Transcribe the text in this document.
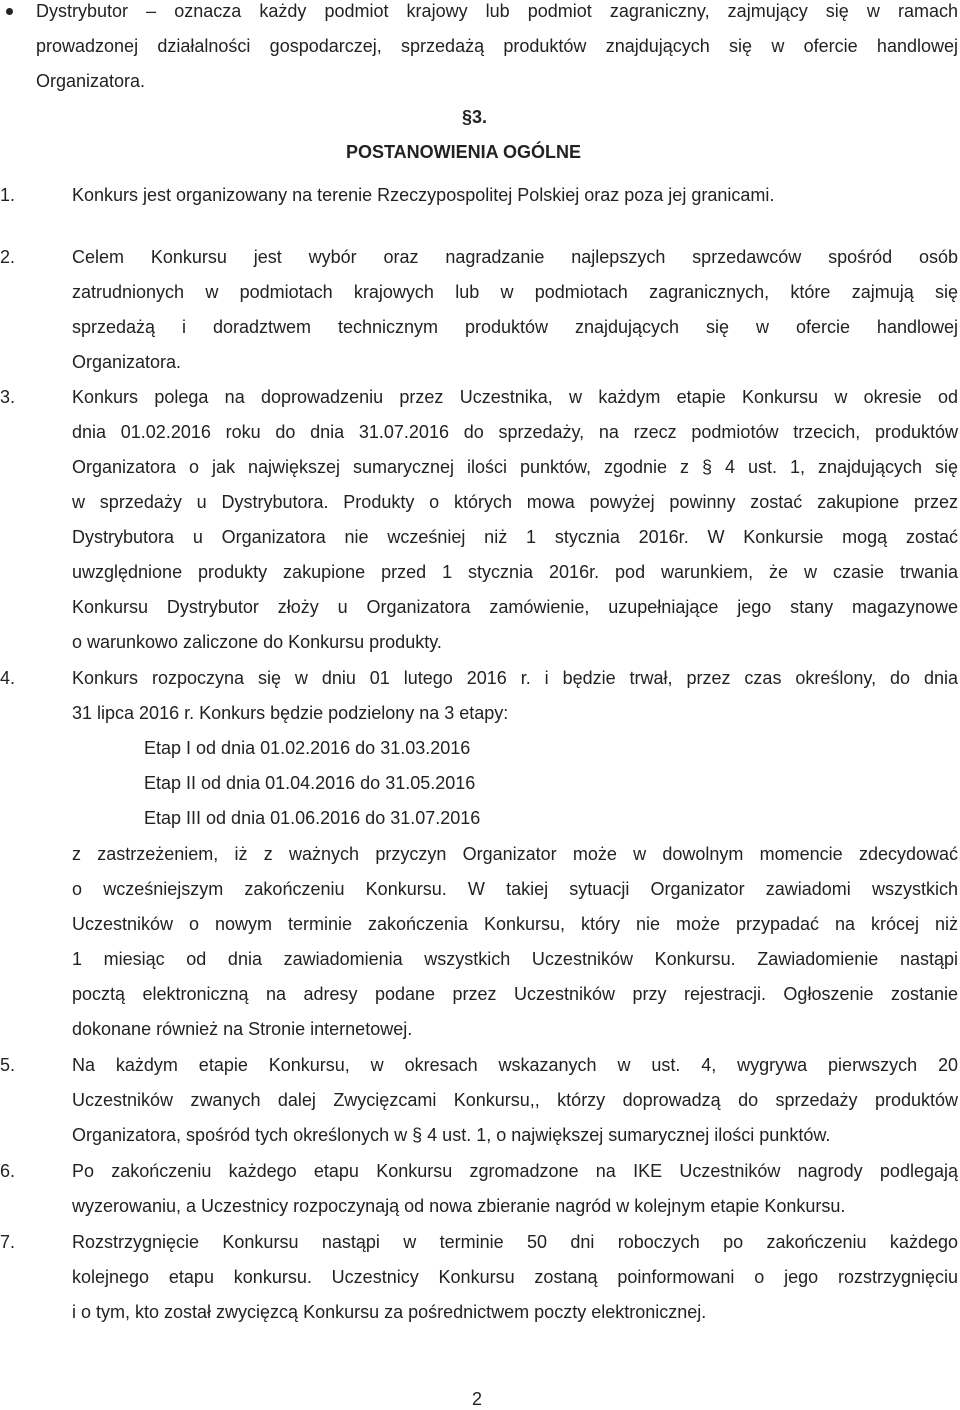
Dystrybutor – oznacza każdy podmiot krajowy lub podmiot zagraniczny, zajmujący się w ramach
prowadzonej działalności gospodarczej, sprzedażą produktów znajdujących się w ofercie handlowej
Organizatora.
§3.
POSTANOWIENIA OGÓLNE
1.	Konkurs jest organizowany na terenie Rzeczypospolitej Polskiej oraz poza jej granicami.
2.	Celem Konkursu jest wybór oraz nagradzanie najlepszych sprzedawców spośród osób
zatrudnionych w podmiotach krajowych lub w podmiotach zagranicznych, które zajmują się
sprzedażą i doradztwem technicznym produktów znajdujących się w ofercie handlowej
Organizatora.
3.	Konkurs polega na doprowadzeniu przez Uczestnika, w każdym etapie Konkursu w okresie od
dnia 01.02.2016 roku do dnia 31.07.2016 do sprzedaży, na rzecz podmiotów trzecich, produktów
Organizatora o jak największej sumarycznej ilości punktów, zgodnie z § 4 ust. 1, znajdujących się
w sprzedaży u Dystrybutora. Produkty o których mowa powyżej powinny zostać zakupione przez
Dystrybutora u Organizatora nie wcześniej niż 1 stycznia 2016r. W Konkursie mogą zostać
uwzględnione produkty zakupione przed 1 stycznia 2016r. pod warunkiem, że w czasie trwania
Konkursu Dystrybutor złoży u Organizatora zamówienie, uzupełniające jego stany magazynowe
o warunkowo zaliczone do Konkursu produkty.
4.	Konkurs rozpoczyna się w dniu 01 lutego 2016 r. i będzie trwał, przez czas określony, do dnia
31 lipca 2016 r. Konkurs będzie podzielony na 3 etapy:
Etap I od dnia 01.02.2016 do 31.03.2016
Etap II od dnia 01.04.2016 do 31.05.2016
Etap III od dnia 01.06.2016 do 31.07.2016
z zastrzeżeniem, iż z ważnych przyczyn Organizator może w dowolnym momencie zdecydować
o wcześniejszym zakończeniu Konkursu. W takiej sytuacji Organizator zawiadomi wszystkich
Uczestników o nowym terminie zakończenia Konkursu, który nie może przypadać na krócej niż
1 miesiąc od dnia zawiadomienia wszystkich Uczestników Konkursu. Zawiadomienie nastąpi
pocztą elektroniczną na adresy podane przez Uczestników przy rejestracji. Ogłoszenie zostanie
dokonane również na Stronie internetowej.
5.	Na każdym etapie Konkursu, w okresach wskazanych w ust. 4, wygrywa pierwszych 20
Uczestników zwanych dalej Zwycięzcami Konkursu,, którzy doprowadzą do sprzedaży produktów
Organizatora, spośród tych określonych w § 4 ust. 1, o największej sumarycznej ilości punktów.
6.	Po zakończeniu każdego etapu Konkursu zgromadzone na IKE Uczestników nagrody podlegają
wyzerowaniu, a Uczestnicy rozpoczynają od nowa zbieranie nagród w kolejnym etapie Konkursu.
7.	Rozstrzygnięcie Konkursu nastąpi w terminie 50 dni roboczych po zakończeniu każdego
kolejnego etapu konkursu. Uczestnicy Konkursu zostaną poinformowani o jego rozstrzygnięciu
i o tym, kto został zwycięzcą Konkursu za pośrednictwem poczty elektronicznej.
2
